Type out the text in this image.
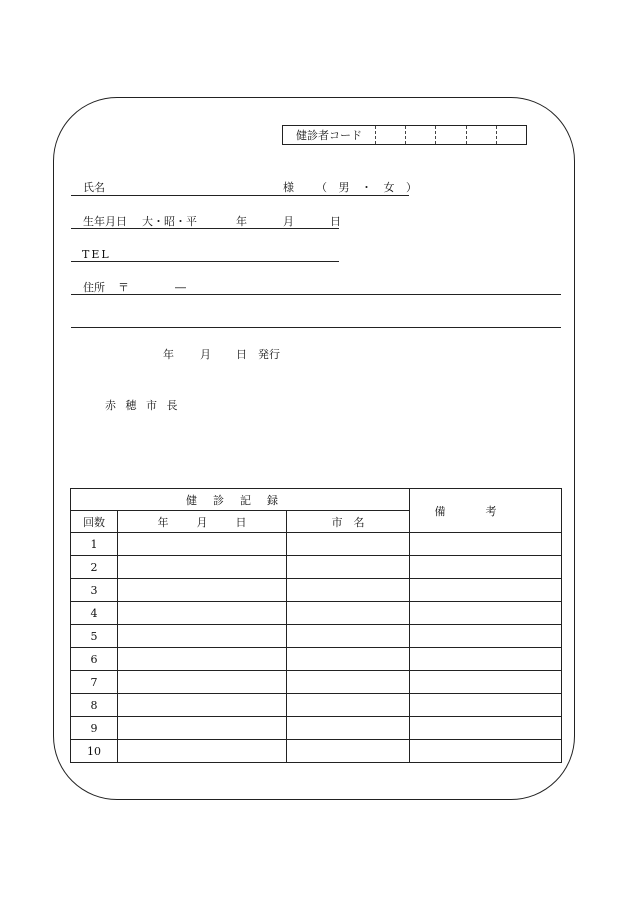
健診者コード
氏名	様 （ 男 ・ 女 ）
生年月日 大・昭・平	年	月	日
TEL
住所 〒	―
年 月 日 発行
赤 穂 市 長
健診記録			備考
回数	年 月 日	市　名	
1			
2			
3			
4			
5			
6			
7			
8			
9			
10			
